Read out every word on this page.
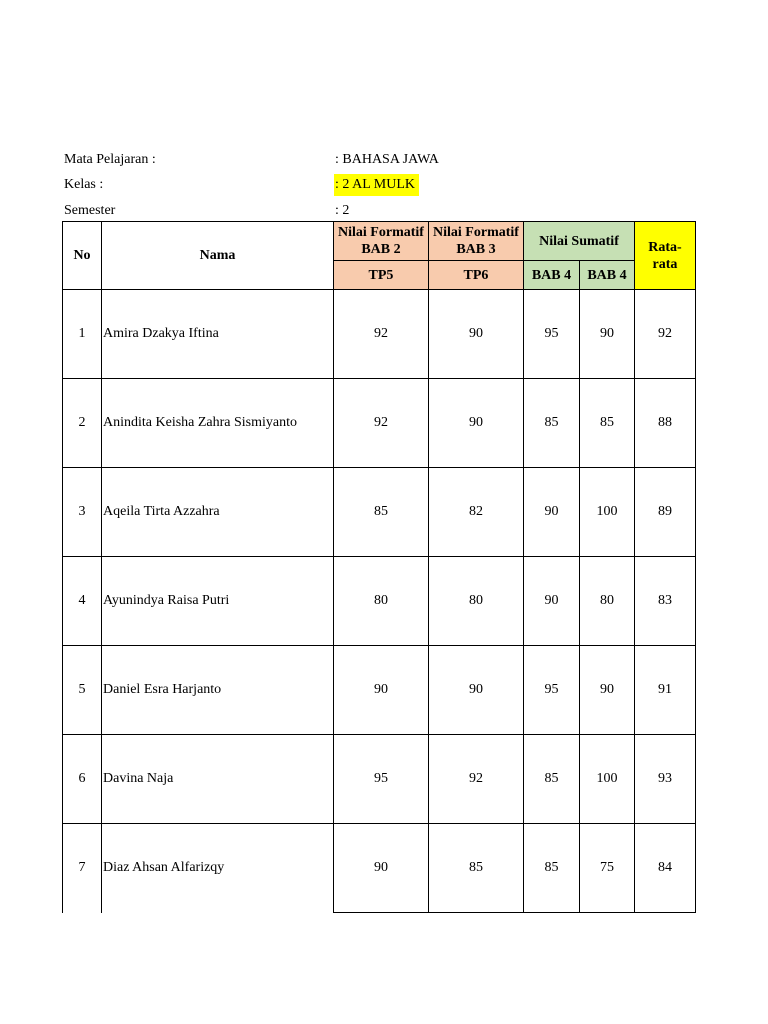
Mata Pelajaran :	: BAHASA JAWA
Kelas :	: 2 AL MULK
Semester	: 2
No	Nama	Nilai Formatif BAB 2	Nilai Formatif BAB 3	Nilai Sumatif		Rata-rata
		TP5	TP6	BAB 4	BAB 4	
1	Amira Dzakya Iftina	92	90	95	90	92
2	Anindita Keisha Zahra Sismiyanto	92	90	85	85	88
3	Aqeila Tirta Azzahra	85	82	90	100	89
4	Ayunindya Raisa Putri	80	80	90	80	83
5	Daniel Esra Harjanto	90	90	95	90	91
6	Davina Naja	95	92	85	100	93
7	Diaz Ahsan Alfarizqy	90	85	85	75	84
